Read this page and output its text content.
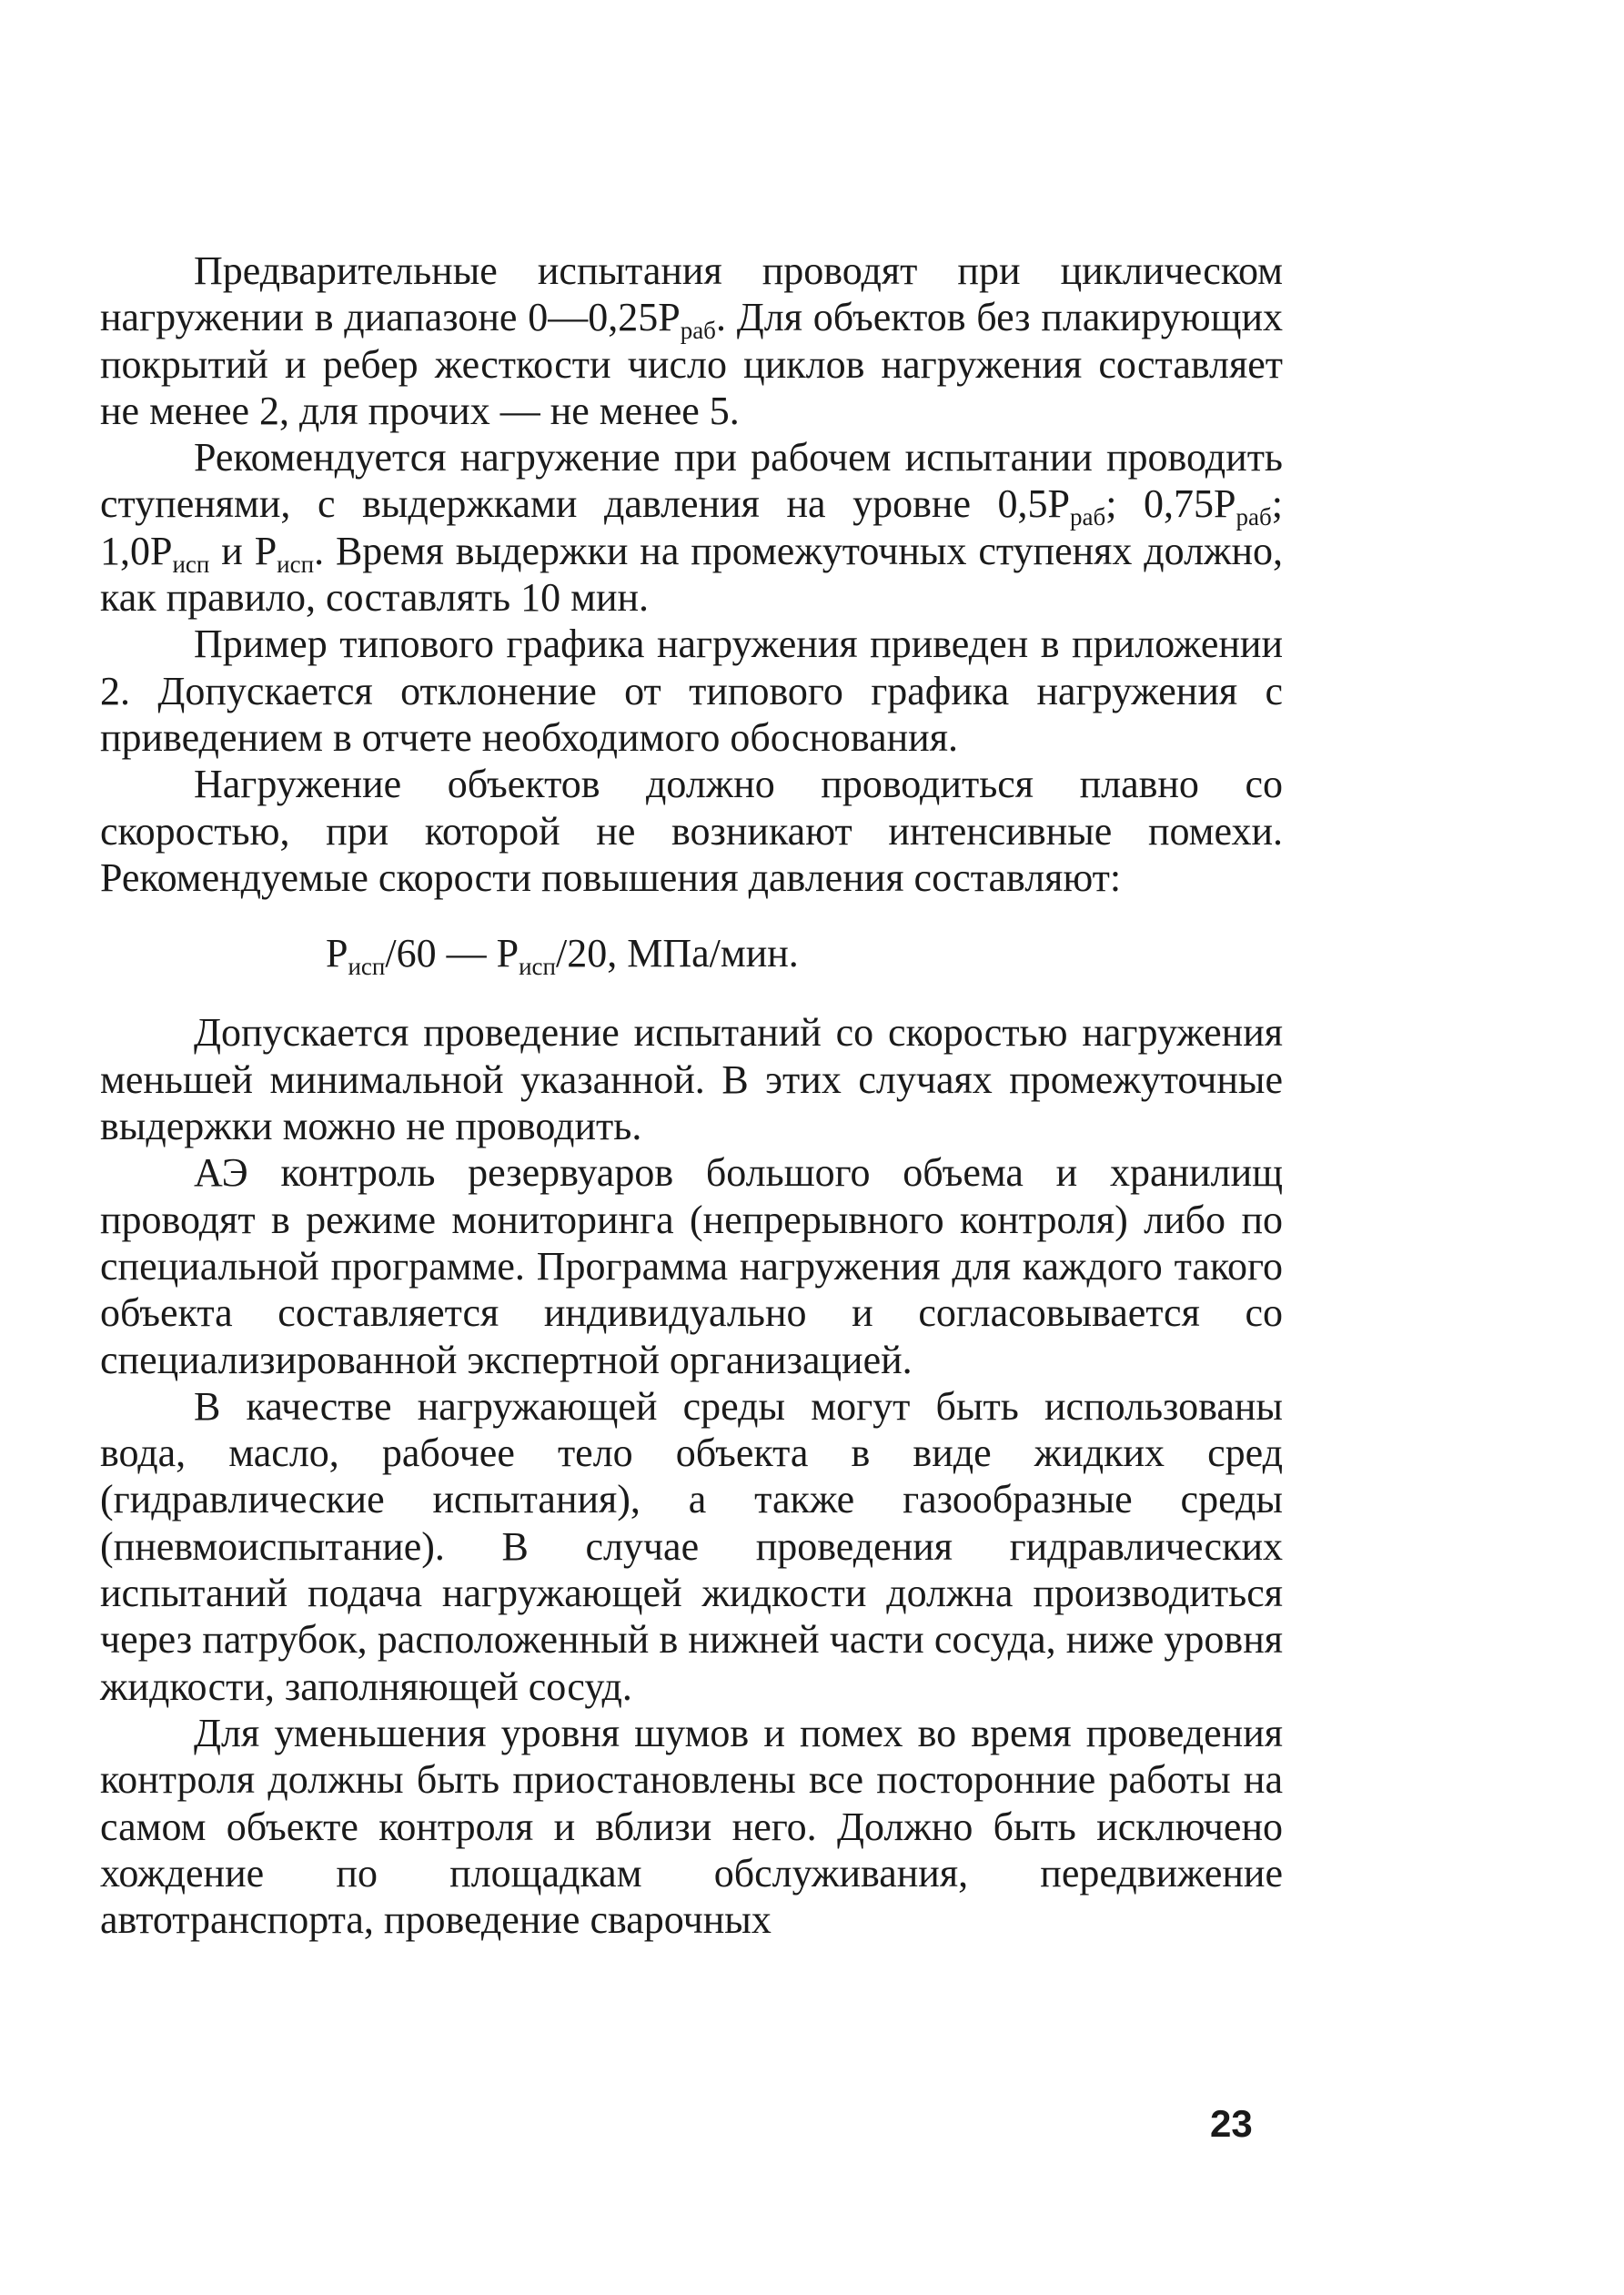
Предварительные испытания проводят при циклическом нагружении в диапазоне $0—0,25P_{раб}$. Для объектов без плакирующих покрытий и ребер жесткости число циклов нагружения составляет не менее 2, для прочих — не менее 5.

Рекомендуется нагружение при рабочем испытании проводить ступенями, с выдержками давления на уровне $0,5P_{раб}$; $0,75P_{раб}$; $1,0P_{исп}$ и $P_{исп}$. Время выдержки на промежуточных ступенях должно, как правило, составлять 10 мин.

Пример типового графика нагружения приведен в приложении 2. Допускается отклонение от типового графика нагружения с приведением в отчете необходимого обоснования.

Нагружение объектов должно проводиться плавно со скоростью, при которой не возникают интенсивные помехи. Рекомендуемые скорости повышения давления составляют:

$P_{исп}/60$ — $P_{исп}/20$, МПа/мин.

Допускается проведение испытаний со скоростью нагружения меньшей минимальной указанной. В этих случаях промежуточные выдержки можно не проводить.

АЭ контроль резервуаров большого объема и хранилищ проводят в режиме мониторинга (непрерывного контроля) либо по специальной программе. Программа нагружения для каждого такого объекта составляется индивидуально и согласовывается со специализированной экспертной организацией.

В качестве нагружающей среды могут быть использованы вода, масло, рабочее тело объекта в виде жидких сред (гидравлические испытания), а также газообразные среды (пневмоиспытание). В случае проведения гидравлических испытаний подача нагружающей жидкости должна производиться через патрубок, расположенный в нижней части сосуда, ниже уровня жидкости, заполняющей сосуд.

Для уменьшения уровня шумов и помех во время проведения контроля должны быть приостановлены все посторонние работы на самом объекте контроля и вблизи него. Должно быть исключено хождение по площадкам обслуживания, передвижение автотранспорта, проведение сварочных

23
